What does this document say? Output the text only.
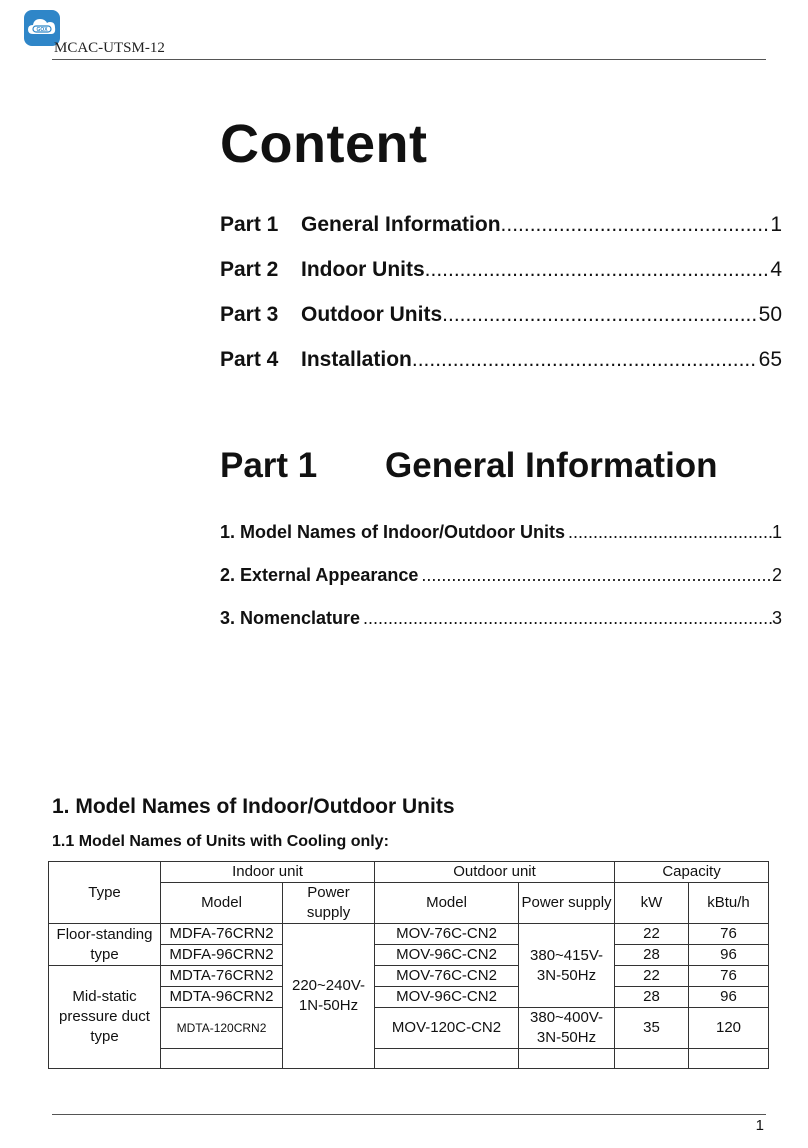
GOX
MCAC-UTSM-12
Content
Part 1	General Information .....	1
Part 2	Indoor Units .....	4
Part 3	Outdoor Units .....	50
Part 4	Installation .....	65
Part 1 General Information
1. Model Names of Indoor/Outdoor Units .....	1
2. External Appearance .....	2
3. Nomenclature .....	3
1. Model Names of Indoor/Outdoor Units
1.1 Model Names of Units with Cooling only:
Type	Indoor unit		Outdoor unit		Capacity	
	Model	Power supply	Model	Power supply	kW	kBtu/h
Floor-standing type	MDFA-76CRN2	220~240V-1N-50Hz	MOV-76C-CN2	380~415V-3N-50Hz	22	76
	MDFA-96CRN2		MOV-96C-CN2		28	96
Mid-static pressure duct type	MDTA-76CRN2		MOV-76C-CN2		22	76
	MDTA-96CRN2		MOV-96C-CN2		28	96
	MDTA-120CRN2		MOV-120C-CN2	380~400V-3N-50Hz	35	120

1
